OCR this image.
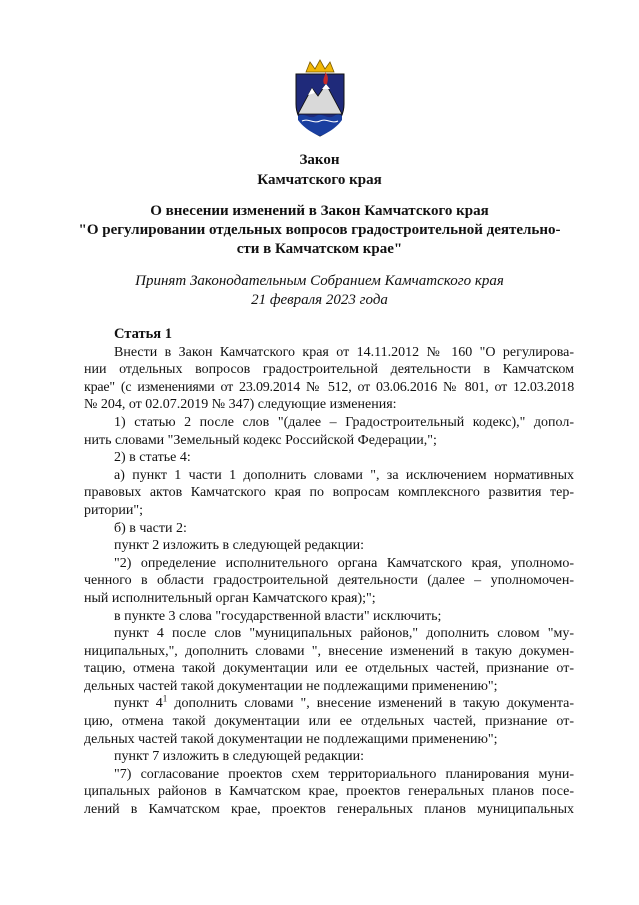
Закон
Камчатского края
О внесении изменений в Закон Камчатского края
"О регулировании отдельных вопросов градостроительной деятельно-
сти в Камчатском крае"
Принят Законодательным Собранием Камчатского края
21 февраля 2023 года

Статья 1

Внести в Закон Камчатского края от 14.11.2012 № 160 "О регулирова-

нии отдельных вопросов градостроительной деятельности в Камчатском

крае" (с изменениями от 23.09.2014 № 512, от 03.06.2016 № 801, от 12.03.2018

№ 204, от 02.07.2019 № 347) следующие изменения:

1) статью 2 после слов "(далее – Градостроительный кодекс)," допол-

нить словами "Земельный кодекс Российской Федерации,";

2) в статье 4:

а) пункт 1 части 1 дополнить словами ", за исключением нормативных

правовых актов Камчатского края по вопросам комплексного развития тер-

ритории";

б) в части 2:

пункт 2 изложить в следующей редакции:

"2) определение исполнительного органа Камчатского края, уполномо-

ченного в области градостроительной деятельности (далее – уполномочен-

ный исполнительный орган Камчатского края);";

в пункте 3 слова "государственной власти" исключить;

пункт 4 после слов "муниципальных районов," дополнить словом "му-

ниципальных,", дополнить словами ", внесение изменений в такую докумен-

тацию, отмена такой документации или ее отдельных частей, признание от-

дельных частей такой документации не подлежащими применению";

пункт $4^1$ дополнить словами ", внесение изменений в такую документа-

цию, отмена такой документации или ее отдельных частей, признание от-

дельных частей такой документации не подлежащими применению";

пункт 7 изложить в следующей редакции:

"7) согласование проектов схем территориального планирования муни-

ципальных районов в Камчатском крае, проектов генеральных планов посе-

лений в Камчатском крае, проектов генеральных планов муниципальных
